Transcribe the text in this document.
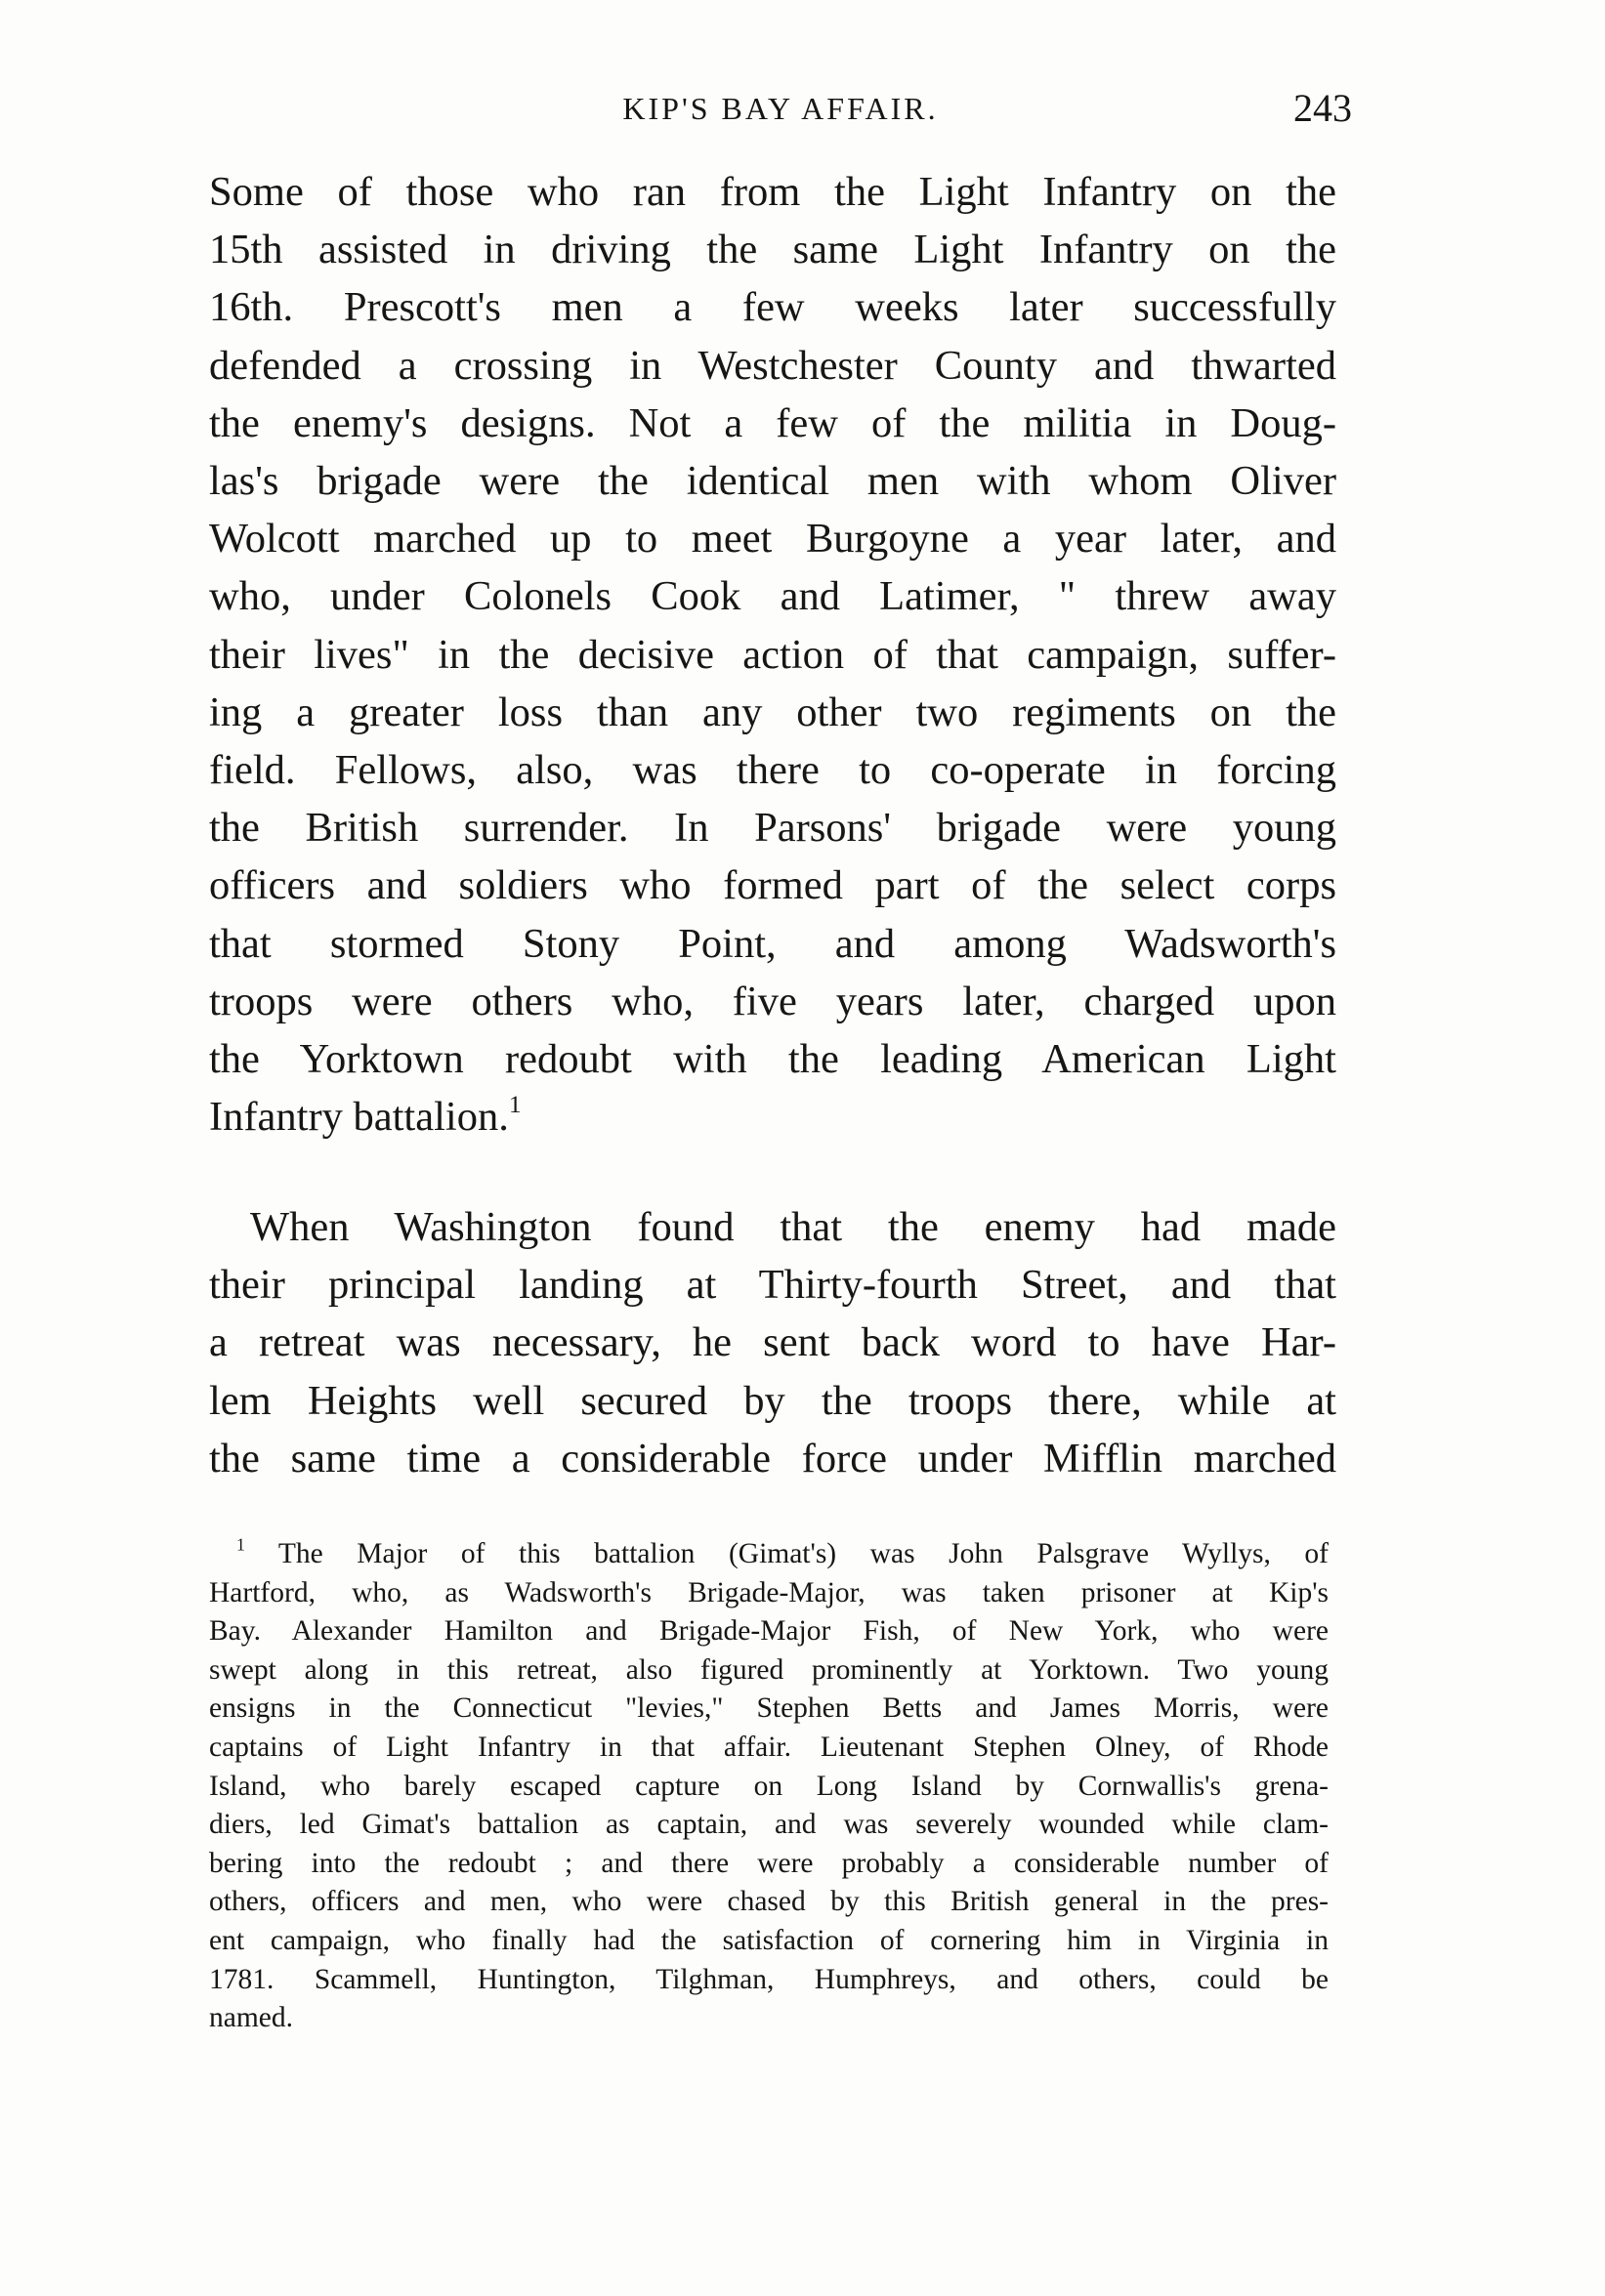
KIP'S BAY AFFAIR.	243
Some of those who ran from the Light Infantry on the
15th assisted in driving the same Light Infantry on the
16th. Prescott's men a few weeks later successfully
defended a crossing in Westchester County and thwarted
the enemy's designs. Not a few of the militia in Doug-
las's brigade were the identical men with whom Oliver
Wolcott marched up to meet Burgoyne a year later, and
who, under Colonels Cook and Latimer, " threw away
their lives" in the decisive action of that campaign, suffer-
ing a greater loss than any other two regiments on the
field. Fellows, also, was there to co-operate in forcing
the British surrender. In Parsons' brigade were young
officers and soldiers who formed part of the select corps
that stormed Stony Point, and among Wadsworth's
troops were others who, five years later, charged upon
the Yorktown redoubt with the leading American Light
Infantry battalion.$^1$
When Washington found that the enemy had made
their principal landing at Thirty-fourth Street, and that
a retreat was necessary, he sent back word to have Har-
lem Heights well secured by the troops there, while at
the same time a considerable force under Mifflin marched
$^1$ The Major of this battalion (Gimat's) was John Palsgrave Wyllys, of
Hartford, who, as Wadsworth's Brigade-Major, was taken prisoner at Kip's
Bay. Alexander Hamilton and Brigade-Major Fish, of New York, who were
swept along in this retreat, also figured prominently at Yorktown. Two young
ensigns in the Connecticut "levies," Stephen Betts and James Morris, were
captains of Light Infantry in that affair. Lieutenant Stephen Olney, of Rhode
Island, who barely escaped capture on Long Island by Cornwallis's grena-
diers, led Gimat's battalion as captain, and was severely wounded while clam-
bering into the redoubt ; and there were probably a considerable number of
others, officers and men, who were chased by this British general in the pres-
ent campaign, who finally had the satisfaction of cornering him in Virginia in
1781. Scammell, Huntington, Tilghman, Humphreys, and others, could be
named.
